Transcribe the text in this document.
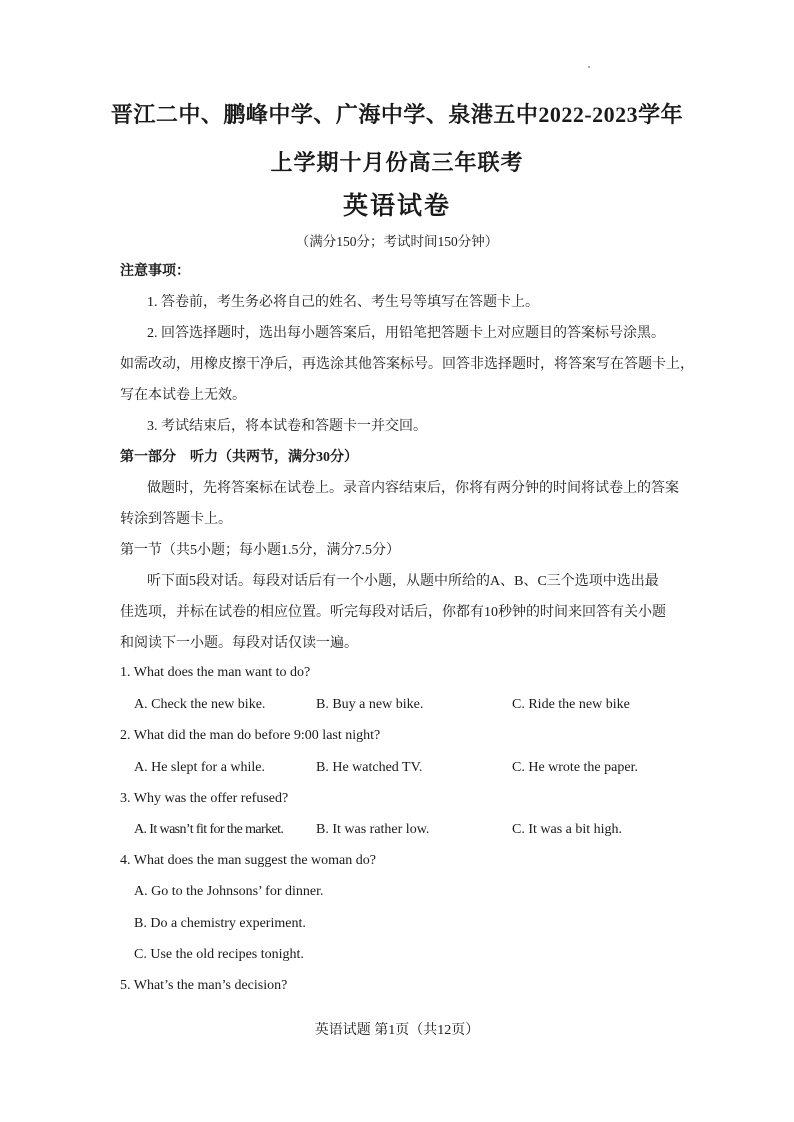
晋江二中、鹏峰中学、广海中学、泉港五中2022-2023学年
上学期十月份高三年联考
英语试卷
（满分150分；考试时间150分钟）
注意事项：
1. 答卷前，考生务必将自己的姓名、考生号等填写在答题卡上。
2. 回答选择题时，选出每小题答案后，用铅笔把答题卡上对应题目的答案标号涂黑。
如需改动，用橡皮擦干净后，再选涂其他答案标号。回答非选择题时，将答案写在答题卡上，
写在本试卷上无效。
3. 考试结束后，将本试卷和答题卡一并交回。
第一部分　听力（共两节，满分30分）
做题时，先将答案标在试卷上。录音内容结束后，你将有两分钟的时间将试卷上的答案
转涂到答题卡上。
第一节（共5小题；每小题1.5分，满分7.5分）
听下面5段对话。每段对话后有一个小题，从题中所给的A、B、C三个选项中选出最
佳选项，并标在试卷的相应位置。听完每段对话后，你都有10秒钟的时间来回答有关小题
和阅读下一小题。每段对话仅读一遍。
1. What does the man want to do?
A. Check the new bike.	B. Buy a new bike.	C. Ride the new bike
2. What did the man do before 9:00 last night?
A. He slept for a while.	B. He watched TV.	C. He wrote the paper.
3. Why was the offer refused?
A. It wasn’t fit for the market. B. It was rather low.	C. It was a bit high.
4. What does the man suggest the woman do?
A. Go to the Johnsons’ for dinner.
B. Do a chemistry experiment.
C. Use the old recipes tonight.
5. What’s the man’s decision?
英语试题 第1页（共12页）
